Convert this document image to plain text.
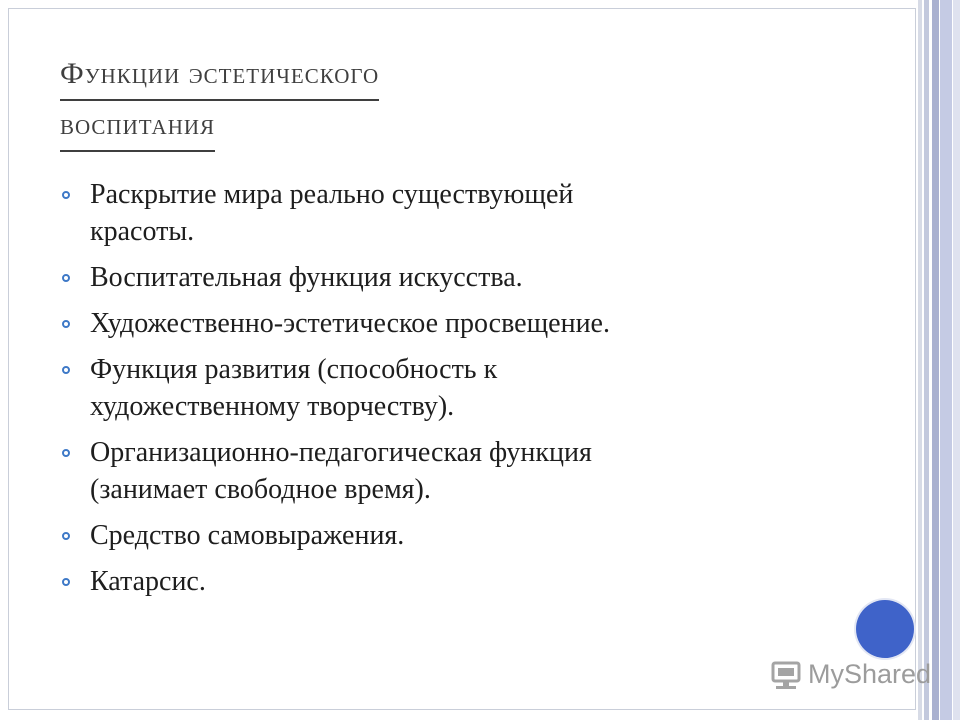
Функции эстетического
воспитания
Раскрытие мира реально существующей
красоты.
Воспитательная функция искусства.
Художественно-эстетическое просвещение.
Функция развития (способность к
художественному творчеству).
Организационно-педагогическая функция
(занимает свободное время).
Средство самовыражения.
Катарсис.
MyShared
